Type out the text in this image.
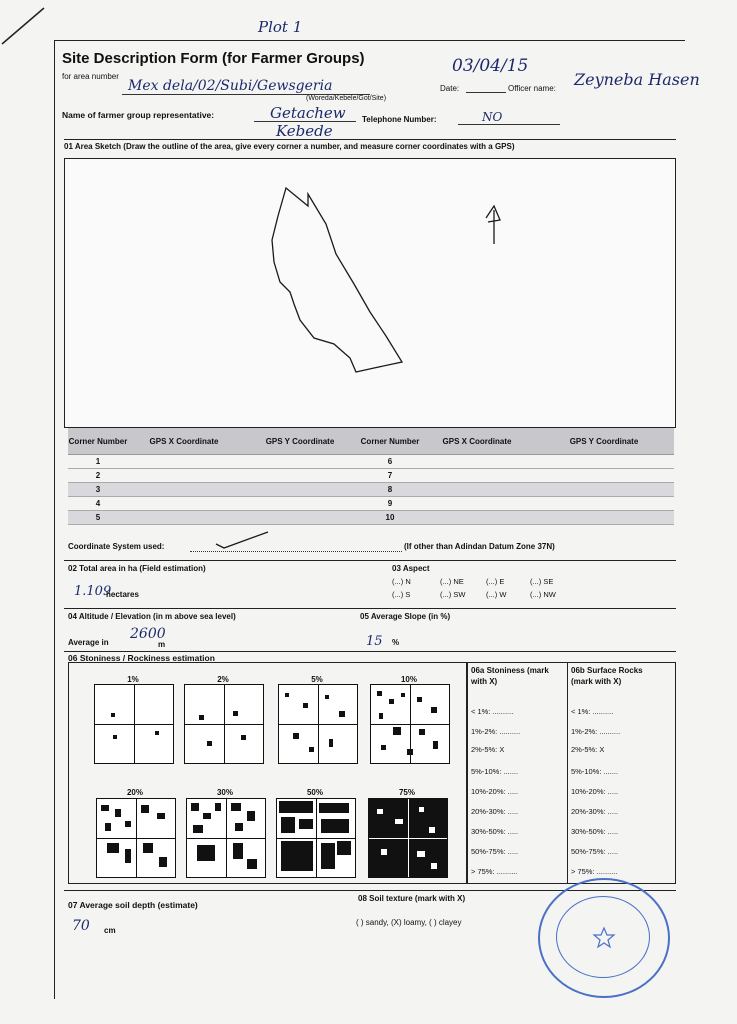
Plot 1
Site Description Form (for Farmer Groups)
for area number
Mex dela/02/Subi/Gewsgeria
(Woreda/Kebele/Got/Site)
Date:
03/04/15
Officer name: Zeyneba Hasen
Name of farmer group representative:	Getachew
Kebede
Telephone Number:	NO
01 Area Sketch (Draw the outline of the area, give every corner a number, and measure corner coordinates with a GPS)
Corner Number	GPS X Coordinate	GPS Y Coordinate	Corner Number	GPS X Coordinate	GPS Y Coordinate
1			6		
2			7		
3			8		
4			9		
5			10		
Coordinate System used:	(If other than Adindan Datum Zone 37N)
02 Total area in ha (Field estimation)
1.109
hectares
03 Aspect
(...) N	(...) NE	(...) E	(...) SE
(...) S	(...) SW	(...) W	(...) NW
04 Altitude / Elevation (in m above sea level)
Average in
2600
m
05 Average Slope (in %)
15 %
06 Stoniness / Rockiness estimation
1%	2%	5%	10%
20%	30%	50%	75%
06a Stoniness (mark with X)
< 1%: ..........
1%-2%: ..........
2%-5%: X
5%-10%: .......
10%-20%: .....
20%-30%: .....
30%-50%: .....
50%-75%: .....
> 75%: ..........
06b Surface Rocks (mark with X)
< 1%: ..........
1%-2%: ..........
2%-5%: X
5%-10%: .......
10%-20%: .....
20%-30%: .....
30%-50%: .....
50%-75%: .....
> 75%: ..........
07 Average soil depth (estimate)
70 cm
08 Soil texture (mark with X)
( ) sandy, (X) loamy, ( ) clayey
